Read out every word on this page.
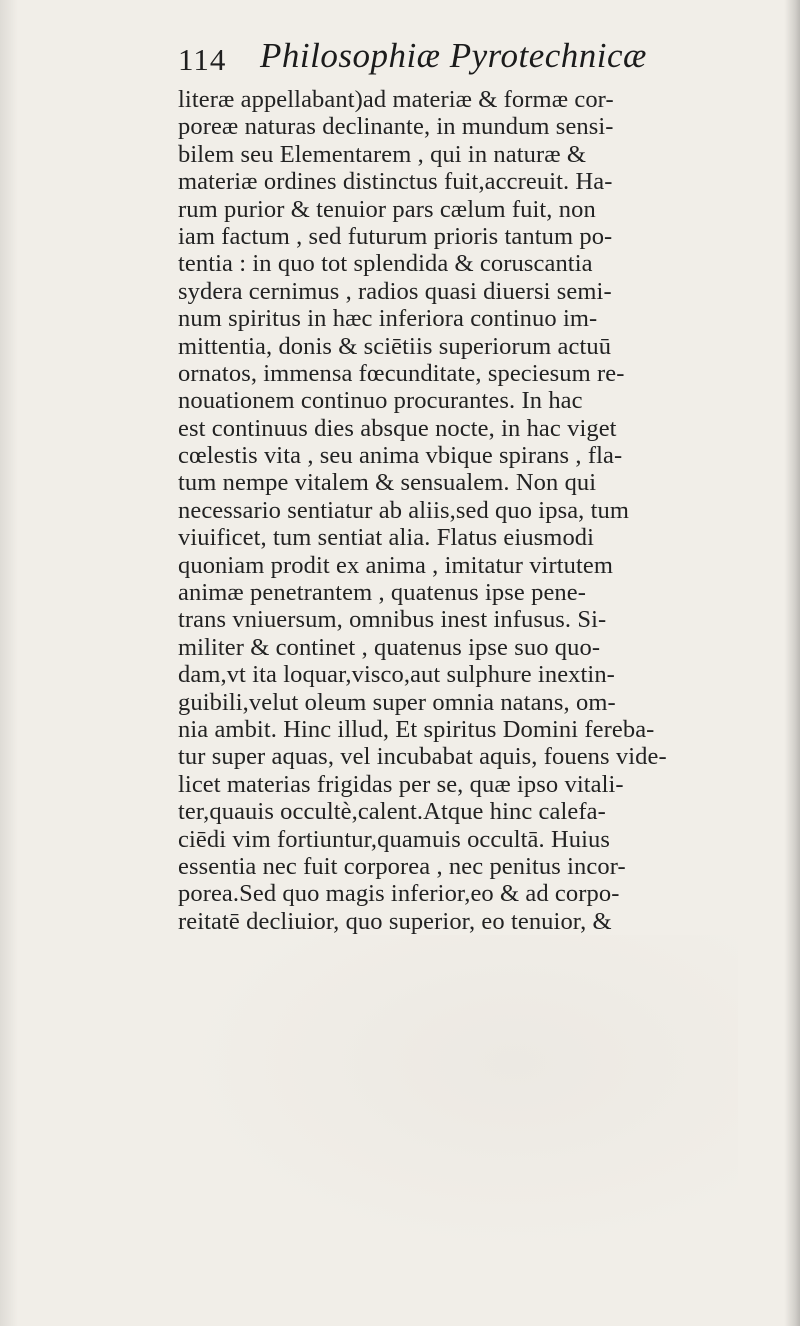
114 Philosophiæ Pyrotechnicæ
literæ appellabant)ad materiæ & formæ cor-
poreæ naturas declinante, in mundum sensi-
bilem seu Elementarem , qui in naturæ &
materiæ ordines distinctus fuit,accreuit. Ha-
rum purior & tenuior pars cælum fuit, non
iam factum , sed futurum prioris tantum po-
tentia : in quo tot splendida & coruscantia
sydera cernimus , radios quasi diuersi semi-
num spiritus in hæc inferiora continuo im-
mittentia, donis & sciētiis superiorum actuū
ornatos, immensa fœcunditate, speciesum re-
nouationem continuo procurantes. In hac
est continuus dies absque nocte, in hac viget
cœlestis vita , seu anima vbique spirans , fla-
tum nempe vitalem & sensualem. Non qui
necessario sentiatur ab aliis,sed quo ipsa, tum
viuificet, tum sentiat alia. Flatus eiusmodi
quoniam prodit ex anima , imitatur virtutem
animæ penetrantem , quatenus ipse pene-
trans vniuersum, omnibus inest infusus. Si-
militer & continet , quatenus ipse suo quo-
dam,vt ita loquar,visco,aut sulphure inextin-
guibili,velut oleum super omnia natans, om-
nia ambit. Hinc illud, Et spiritus Domini fereba-
tur super aquas, vel incubabat aquis, fouens vide-
licet materias frigidas per se, quæ ipso vitali-
ter,quauis occultè,calent.Atque hinc calefa-
ciēdi vim fortiuntur,quamuis occultā. Huius
essentia nec fuit corporea , nec penitus incor-
porea.Sed quo magis inferior,eo & ad corpo-
reitatē decliuior, quo superior, eo tenuior, &
